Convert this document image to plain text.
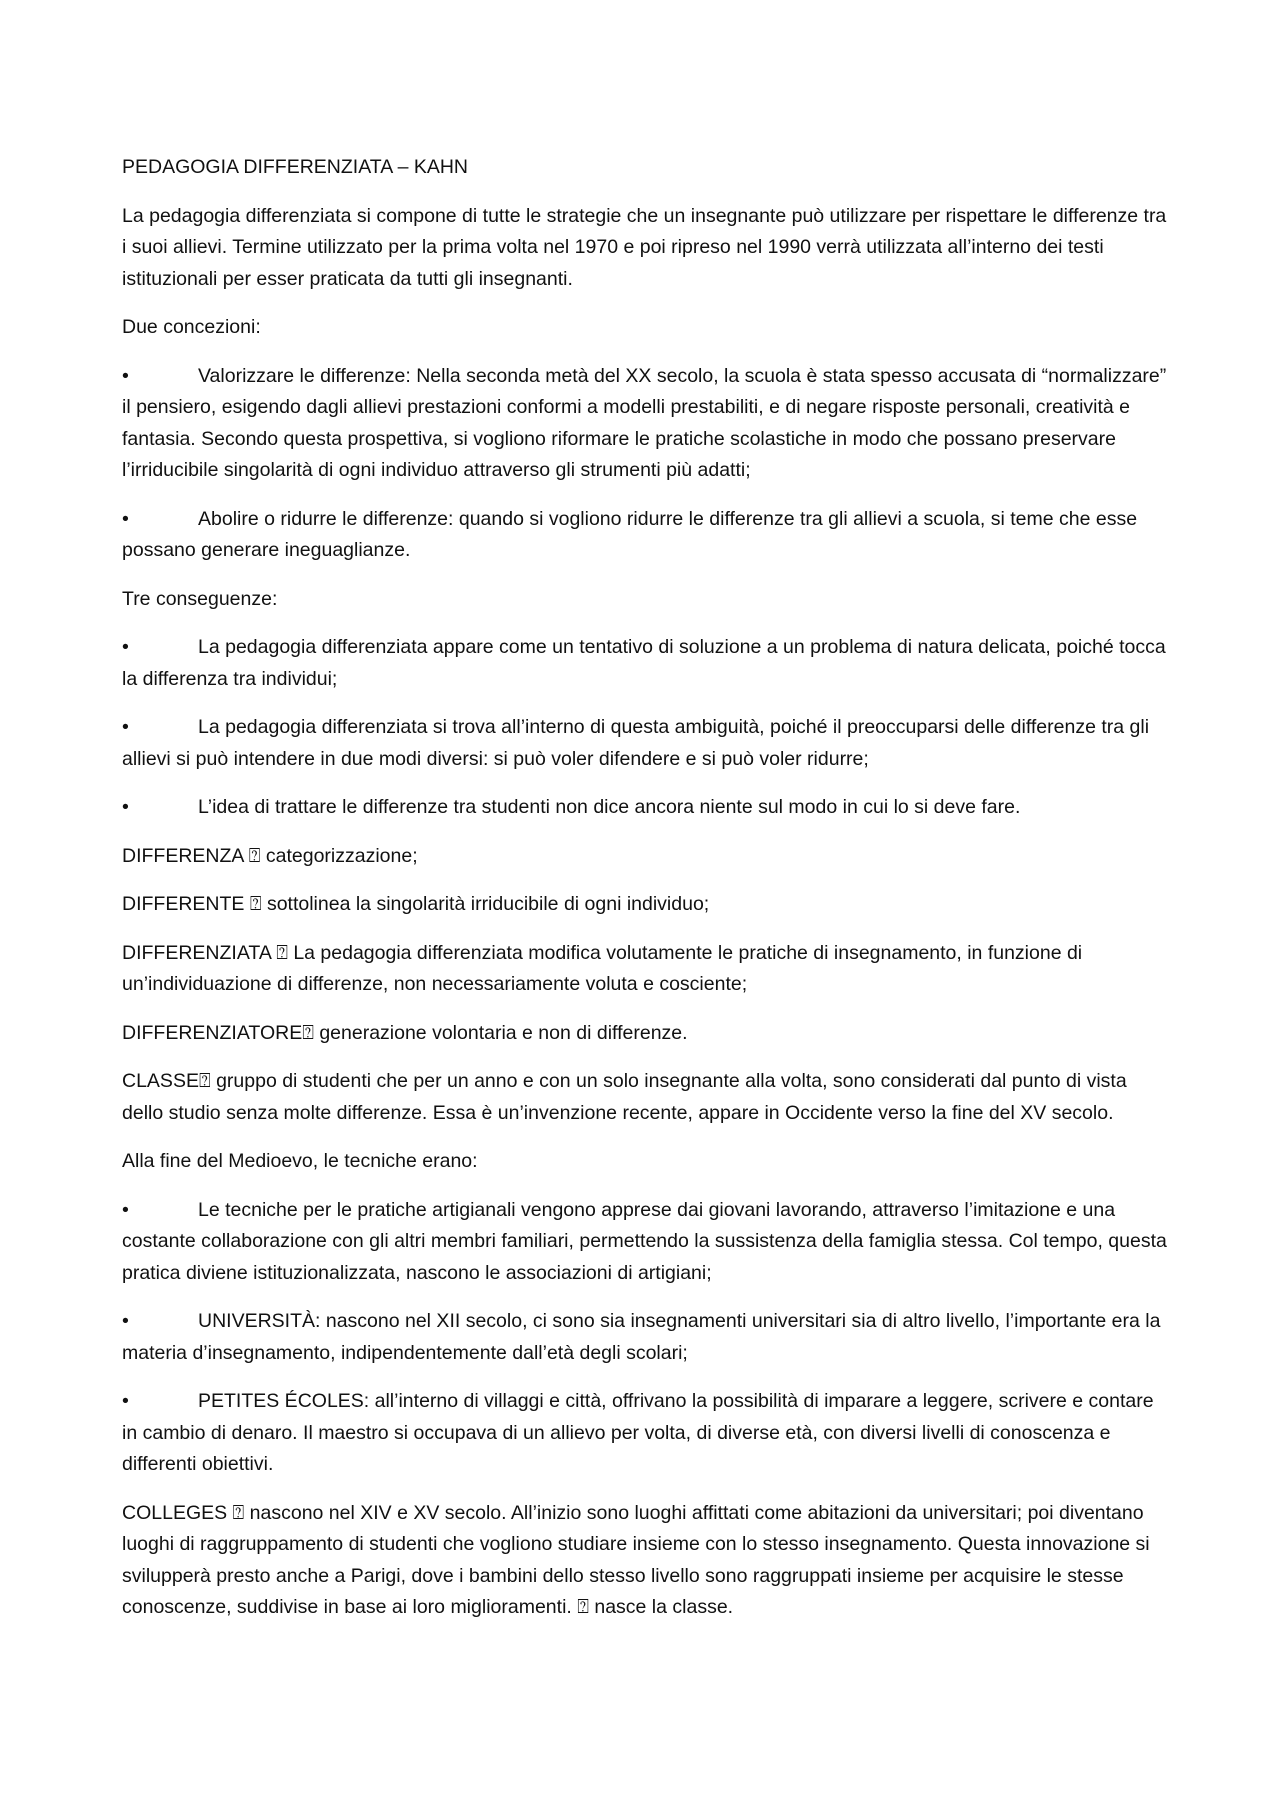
PEDAGOGIA DIFFERENZIATA – KAHN

La pedagogia differenziata si compone di tutte le strategie che un insegnante può utilizzare per rispettare le differenze tra i suoi allievi. Termine utilizzato per la prima volta nel 1970 e poi ripreso nel 1990 verrà utilizzata all’interno dei testi istituzionali per esser praticata da tutti gli insegnanti.

Due concezioni:

•	Valorizzare le differenze: Nella seconda metà del XX secolo, la scuola è stata spesso accusata di “normalizzare” il pensiero, esigendo dagli allievi prestazioni conformi a modelli prestabiliti, e di negare risposte personali, creatività e fantasia. Secondo questa prospettiva, si vogliono riformare le pratiche scolastiche in modo che possano preservare l’irriducibile singolarità di ogni individuo attraverso gli strumenti più adatti;

•	Abolire o ridurre le differenze: quando si vogliono ridurre le differenze tra gli allievi a scuola, si teme che esse possano generare ineguaglianze.

Tre conseguenze:

•	La pedagogia differenziata appare come un tentativo di soluzione a un problema di natura delicata, poiché tocca la differenza tra individui;

•	La pedagogia differenziata si trova all’interno di questa ambiguità, poiché il preoccuparsi delle differenze tra gli allievi si può intendere in due modi diversi: si può voler difendere e si può voler ridurre;

•	L’idea di trattare le differenze tra studenti non dice ancora niente sul modo in cui lo si deve fare.

DIFFERENZA ⍰ categorizzazione;

DIFFERENTE ⍰ sottolinea la singolarità irriducibile di ogni individuo;

DIFFERENZIATA ⍰ La pedagogia differenziata modifica volutamente le pratiche di insegnamento, in funzione di un’individuazione di differenze, non necessariamente voluta e cosciente;

DIFFERENZIATORE⍰ generazione volontaria e non di differenze.

CLASSE⍰ gruppo di studenti che per un anno e con un solo insegnante alla volta, sono considerati dal punto di vista dello studio senza molte differenze. Essa è un’invenzione recente, appare in Occidente verso la fine del XV secolo.

Alla fine del Medioevo, le tecniche erano:

•	Le tecniche per le pratiche artigianali vengono apprese dai giovani lavorando, attraverso l’imitazione e una costante collaborazione con gli altri membri familiari, permettendo la sussistenza della famiglia stessa. Col tempo, questa pratica diviene istituzionalizzata, nascono le associazioni di artigiani;

•	UNIVERSITÀ: nascono nel XII secolo, ci sono sia insegnamenti universitari sia di altro livello, l’importante era la materia d’insegnamento, indipendentemente dall’età degli scolari;

•	PETITES ÉCOLES: all’interno di villaggi e città, offrivano la possibilità di imparare a leggere, scrivere e contare in cambio di denaro. Il maestro si occupava di un allievo per volta, di diverse età, con diversi livelli di conoscenza e differenti obiettivi.

COLLEGES ⍰ nascono nel XIV e XV secolo. All’inizio sono luoghi affittati come abitazioni da universitari; poi diventano luoghi di raggruppamento di studenti che vogliono studiare insieme con lo stesso insegnamento. Questa innovazione si svilupperà presto anche a Parigi, dove i bambini dello stesso livello sono raggruppati insieme per acquisire le stesse conoscenze, suddivise in base ai loro miglioramenti. ⍰ nasce la classe.
